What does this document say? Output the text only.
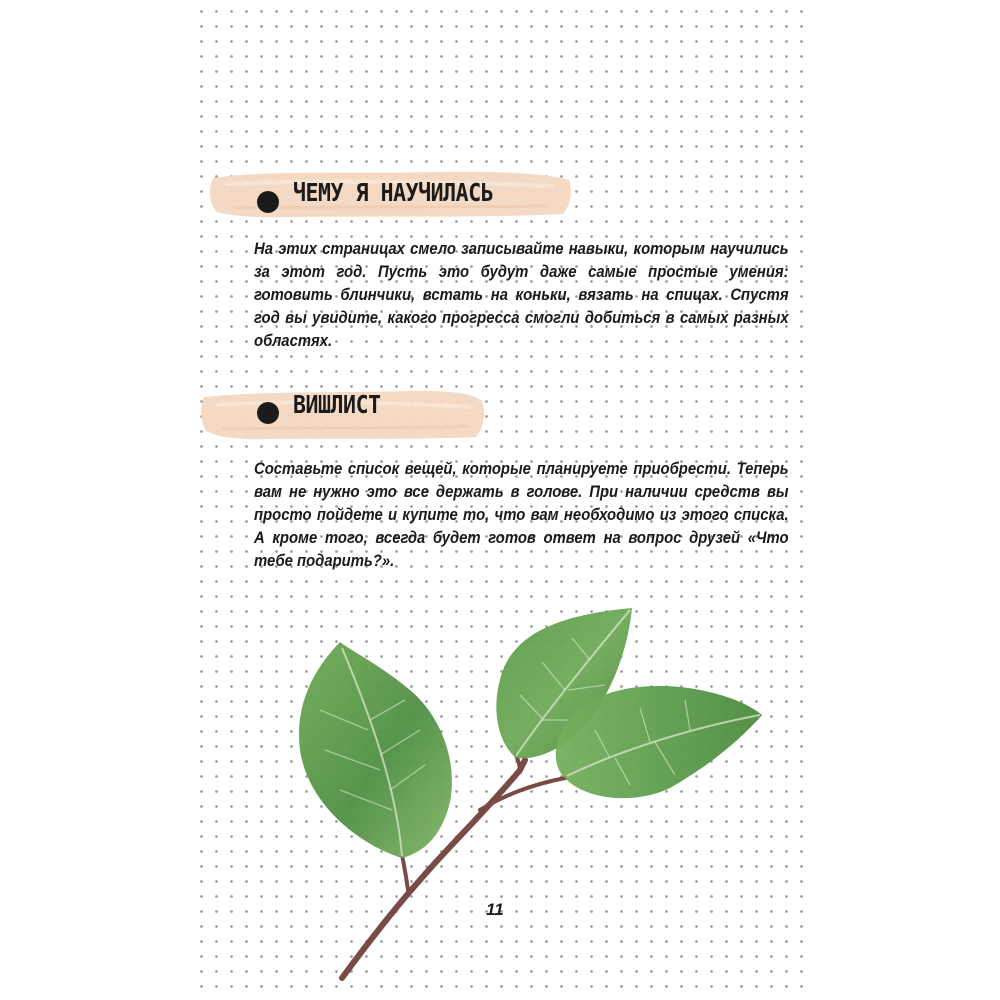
ЧЕМУ Я НАУЧИЛАСЬ

На этих страницах смело записывайте навыки, которым научились за этот год. Пусть это будут даже самые простые умения: готовить блинчики, встать на коньки, вязать на спицах. Спустя год вы увидите, какого прогресса смогли добиться в самых разных областях.

ВИШЛИСТ

Составьте список вещей, которые планируете приобрести. Теперь вам не нужно это все держать в голове. При наличии средств вы просто пойдете и купите то, что вам необходимо из этого списка. А кроме того, всегда будет готов ответ на вопрос друзей «Что тебе подарить?».

11
